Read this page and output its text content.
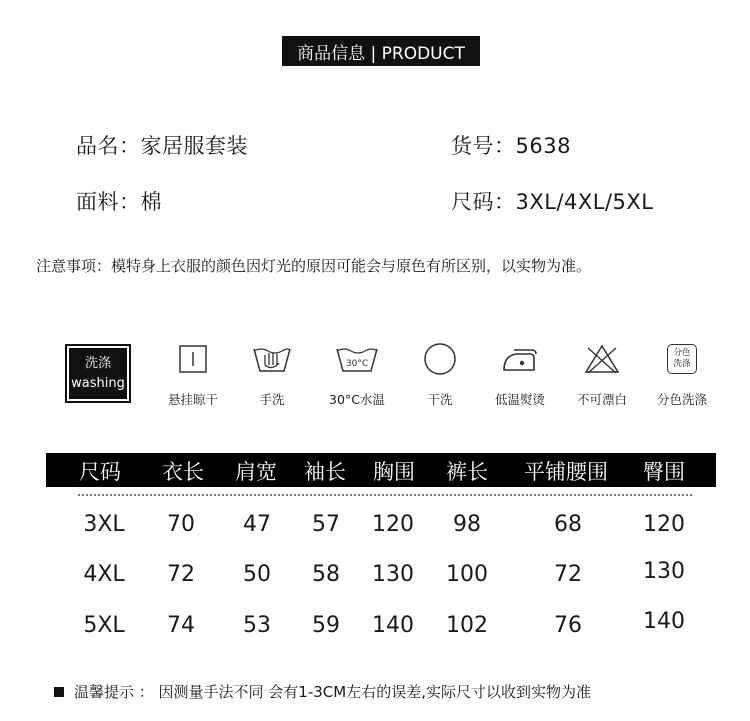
商品信息 | PRODUCT
品名：家居服套装	货号：5638
面料：棉	尺码：3XL/4XL/5XL
注意事项：模特身上衣服的颜色因灯光的原因可能会与原色有所区别，以实物为准。
洗涤
washing
悬挂晾干	手洗
30°C
30°C水温	干洗	低温熨烫	不可漂白
分色
洗涤
分色洗涤
尺码 衣长 肩宽 袖长 胸围 裤长 平铺腰围 臀围
3XL 70 47 57 120 98	68	120
4XL 72 50 58 130 100	72	130
5XL 74 53 59 140 102	76	140
温馨提示 ： 因测量手法不同 会有1-3CM左右的误差,实际尺寸以收到实物为准
